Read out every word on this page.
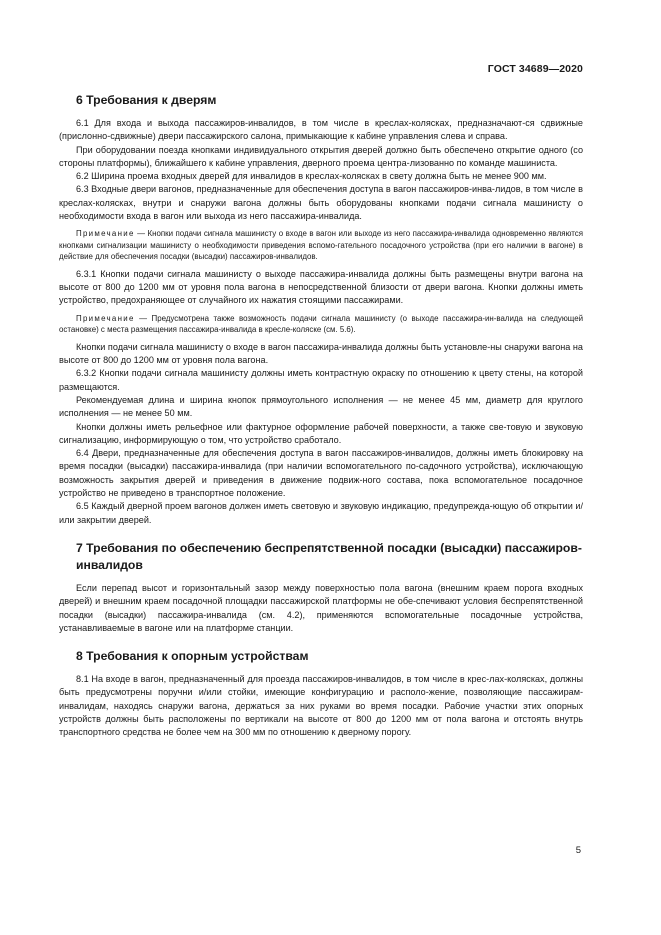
ГОСТ 34689—2020
6 Требования к дверям

6.1 Для входа и выхода пассажиров-инвалидов, в том числе в креслах-колясках, предназначают-ся сдвижные (прислонно-сдвижные) двери пассажирского салона, примыкающие к кабине управления слева и справа.

При оборудовании поезда кнопками индивидуального открытия дверей должно быть обеспечено открытие одного (со стороны платформы), ближайшего к кабине управления, дверного проема центра-лизованно по команде машиниста.

6.2 Ширина проема входных дверей для инвалидов в креслах-колясках в свету должна быть не менее 900 мм.

6.3 Входные двери вагонов, предназначенные для обеспечения доступа в вагон пассажиров-инва-лидов, в том числе в креслах-колясках, внутри и снаружи вагона должны быть оборудованы кнопками подачи сигнала машинисту о необходимости входа в вагон или выхода из него пассажира-инвалида.

Примечание — Кнопки подачи сигнала машинисту о входе в вагон или выходе из него пассажира-инвалида одновременно являются кнопками сигнализации машинисту о необходимости приведения вспомо-гательного посадочного устройства (при его наличии в вагоне) в действие для обеспечения посадки (высадки) пассажиров-инвалидов.

6.3.1 Кнопки подачи сигнала машинисту о выходе пассажира-инвалида должны быть размещены внутри вагона на высоте от 800 до 1200 мм от уровня пола вагона в непосредственной близости от двери вагона. Кнопки должны иметь устройство, предохраняющее от случайного их нажатия стоящими пассажирами.

Примечание — Предусмотрена также возможность подачи сигнала машинисту (о выходе пассажира-ин-валида на следующей остановке) с места размещения пассажира-инвалида в кресле-коляске (см. 5.6).

Кнопки подачи сигнала машинисту о входе в вагон пассажира-инвалида должны быть установле-ны снаружи вагона на высоте от 800 до 1200 мм от уровня пола вагона.

6.3.2 Кнопки подачи сигнала машинисту должны иметь контрастную окраску по отношению к цвету стены, на которой размещаются.

Рекомендуемая длина и ширина кнопок прямоугольного исполнения — не менее 45 мм, диаметр для круглого исполнения — не менее 50 мм.

Кнопки должны иметь рельефное или фактурное оформление рабочей поверхности, а также све-товую и звуковую сигнализацию, информирующую о том, что устройство сработало.

6.4 Двери, предназначенные для обеспечения доступа в вагон пассажиров-инвалидов, должны иметь блокировку на время посадки (высадки) пассажира-инвалида (при наличии вспомогательного по-садочного устройства), исключающую возможность закрытия дверей и приведения в движение подвиж-ного состава, пока вспомогательное посадочное устройство не приведено в транспортное положение.

6.5 Каждый дверной проем вагонов должен иметь световую и звуковую индикацию, предупрежда-ющую об открытии и/или закрытии дверей.

7 Требования по обеспечению беспрепятственной посадки (высадки) пассажиров-инвалидов

Если перепад высот и горизонтальный зазор между поверхностью пола вагона (внешним краем порога входных дверей) и внешним краем посадочной площадки пассажирской платформы не обе-спечивают условия беспрепятственной посадки (высадки) пассажира-инвалида (см. 4.2), применяются вспомогательные посадочные устройства, устанавливаемые в вагоне или на платформе станции.

8 Требования к опорным устройствам

8.1 На входе в вагон, предназначенный для проезда пассажиров-инвалидов, в том числе в крес-лах-колясках, должны быть предусмотрены поручни и/или стойки, имеющие конфигурацию и располо-жение, позволяющие пассажирам-инвалидам, находясь снаружи вагона, держаться за них руками во время посадки. Рабочие участки этих опорных устройств должны быть расположены по вертикали на высоте от 800 до 1200 мм от пола вагона и отстоять внутрь транспортного средства не более чем на 300 мм по отношению к дверному порогу.

5
